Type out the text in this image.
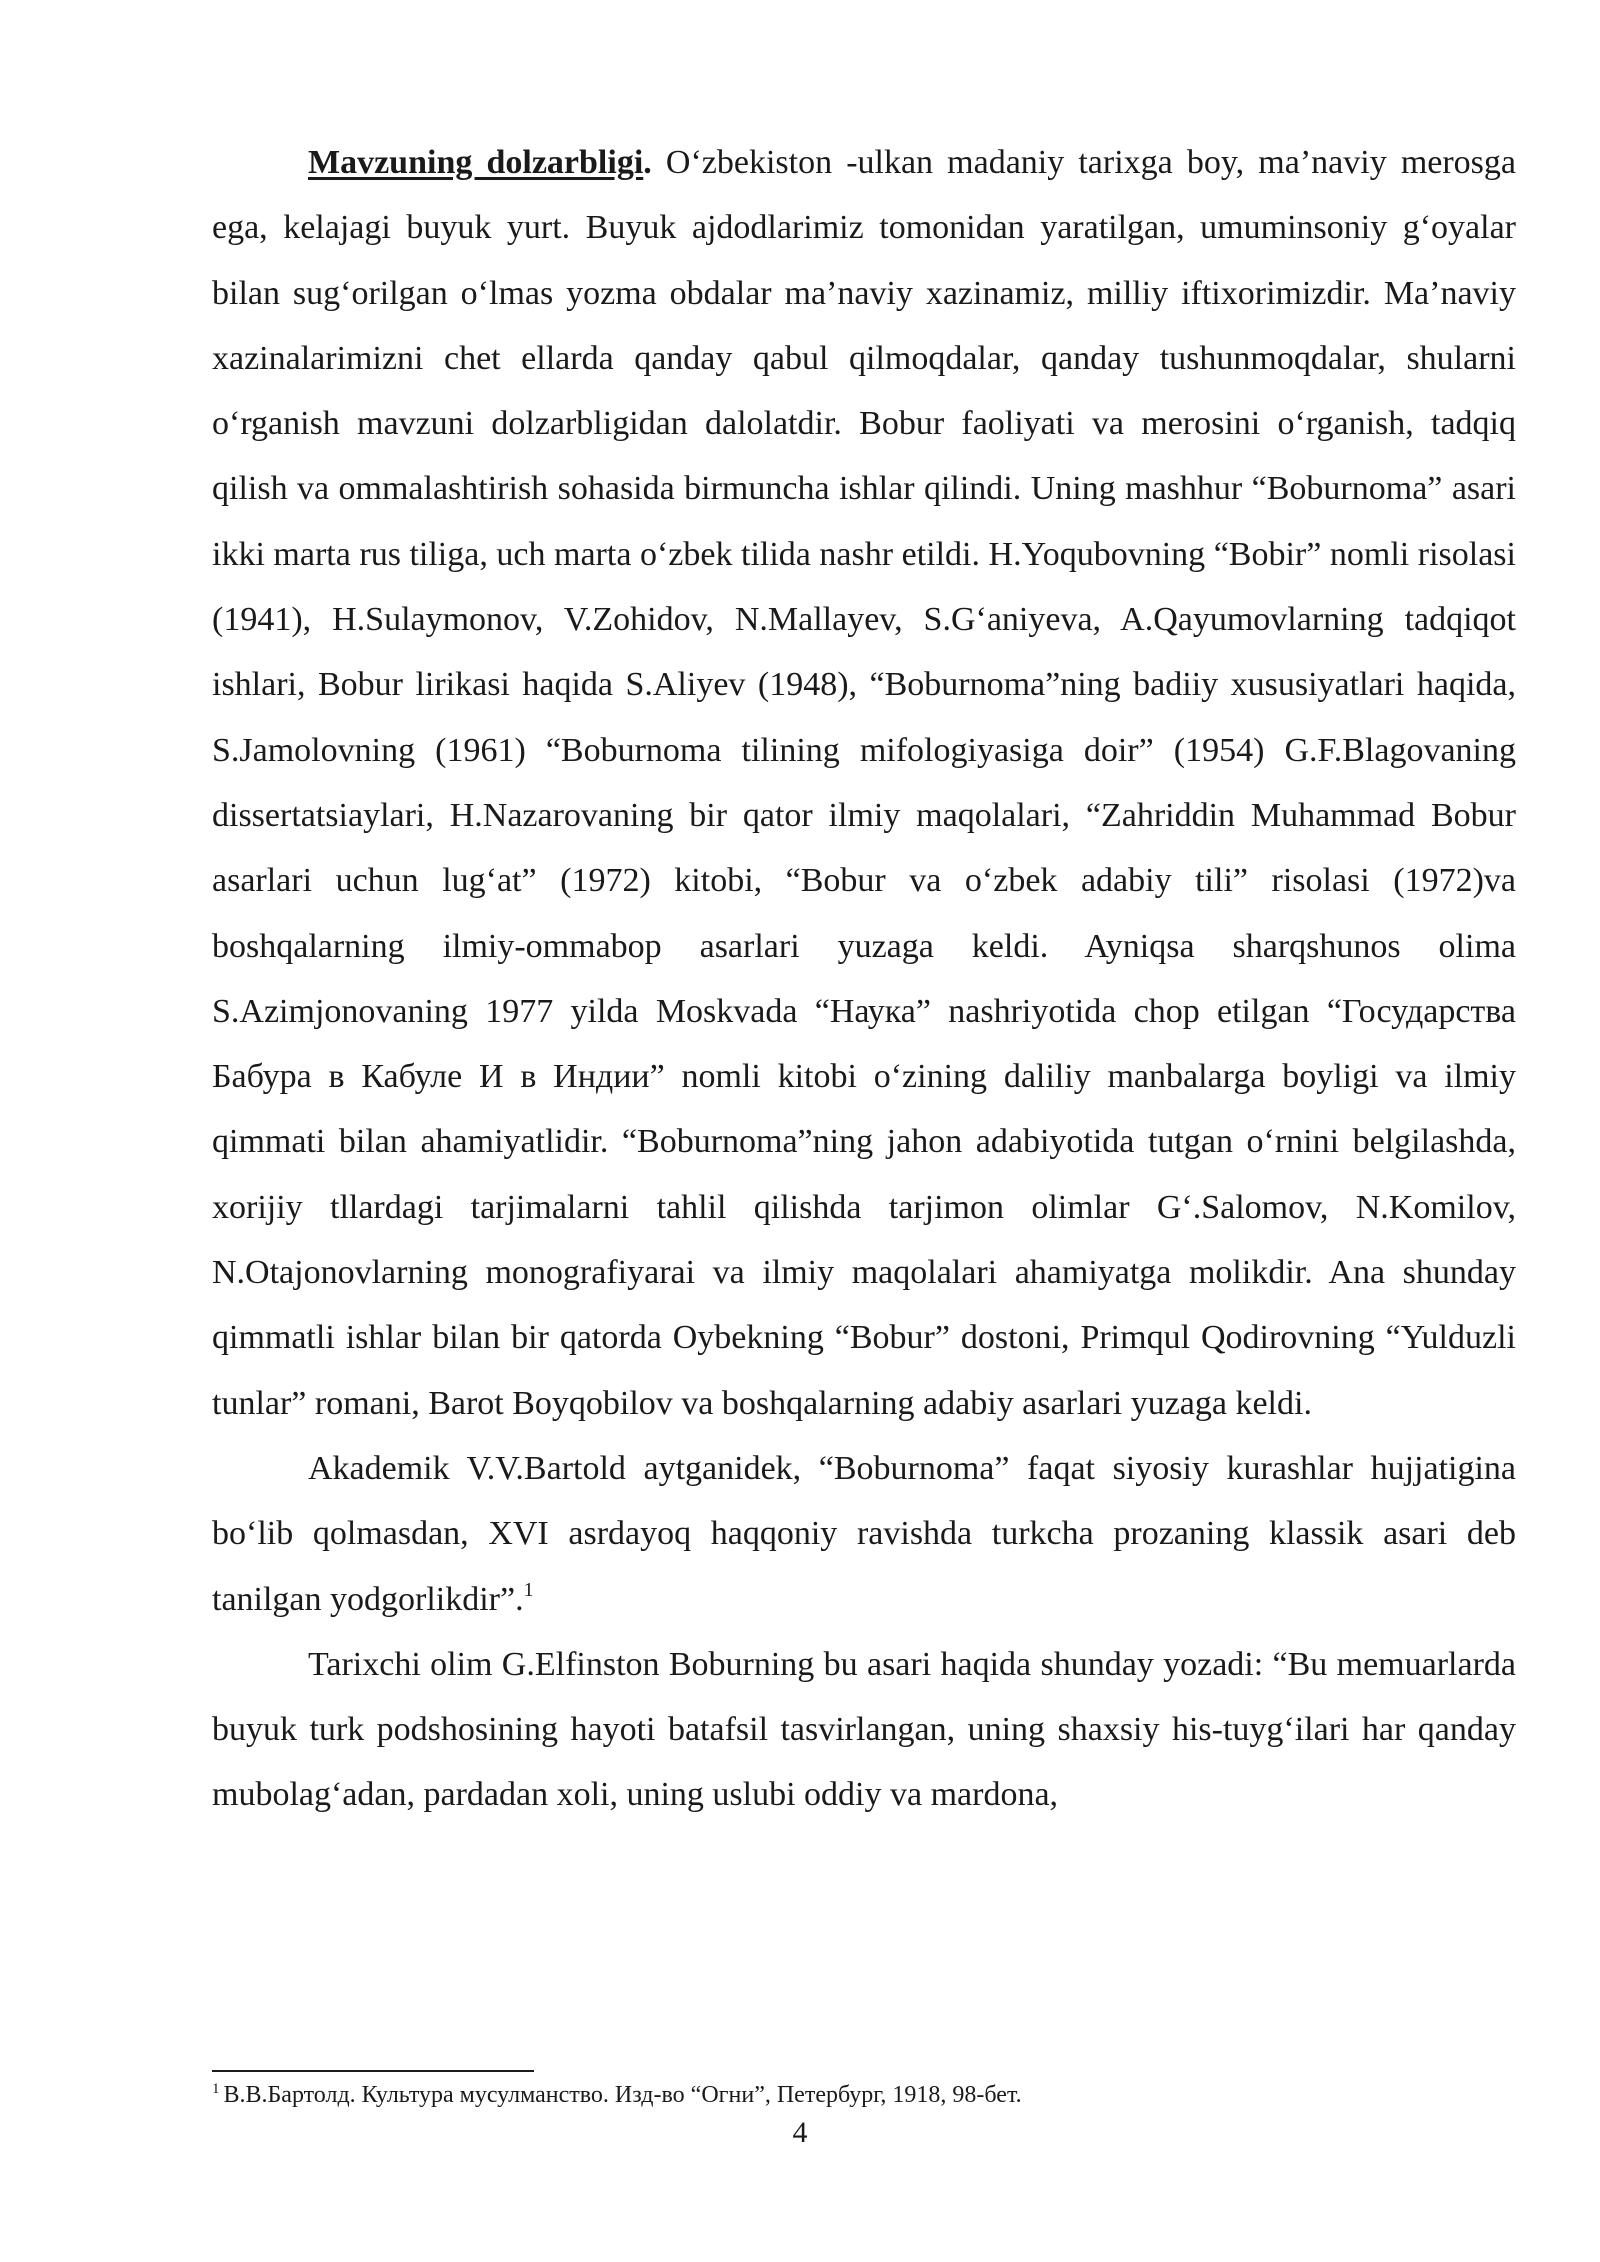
Mavzuning dolzarbligi. O‘zbekiston -ulkan madaniy tarixga boy, ma’naviy merosga ega, kelajagi buyuk yurt. Buyuk ajdodlarimiz tomonidan yaratilgan, umuminsoniy g‘oyalar bilan sug‘orilgan o‘lmas yozma obdalar ma’naviy xazinamiz, milliy iftixorimizdir. Ma’naviy xazinalarimizni chet ellarda qanday qabul qilmoqdalar, qanday tushunmoqdalar, shularni o‘rganish mavzuni dolzarbligidan dalolatdir. Bobur faoliyati va merosini o‘rganish, tadqiq qilish va ommalashtirish sohasida birmuncha ishlar qilindi. Uning mashhur “Boburnoma” asari ikki marta rus tiliga, uch marta o‘zbek tilida nashr etildi. H.Yoqubovning “Bobir” nomli risolasi (1941), H.Sulaymonov, V.Zohidov, N.Mallayev, S.G‘aniyeva, A.Qayumovlarning tadqiqot ishlari, Bobur lirikasi haqida S.Aliyev (1948), “Boburnoma”ning badiiy xususiyatlari haqida, S.Jamolovning (1961) “Boburnoma tilining mifologiyasiga doir” (1954) G.F.Blagovaning dissertatsiaylari, H.Nazarovaning bir qator ilmiy maqolalari, “Zahriddin Muhammad Bobur asarlari uchun lug‘at” (1972) kitobi, “Bobur va o‘zbek adabiy tili” risolasi (1972)va boshqalarning ilmiy-ommabop asarlari yuzaga keldi. Ayniqsa sharqshunos olima S.Azimjonovaning 1977 yilda Moskvada “Наука” nashriyotida chop etilgan “Государства Бабура в Кабуле И в Индии” nomli kitobi o‘zining daliliy manbalarga boyligi va ilmiy qimmati bilan ahamiyatlidir. “Boburnoma”ning jahon adabiyotida tutgan o‘rnini belgilashda, xorijiy tllardagi tarjimalarni tahlil qilishda tarjimon olimlar G‘.Salomov, N.Komilov, N.Otajonovlarning monografiyarai va ilmiy maqolalari ahamiyatga molikdir. Ana shunday qimmatli ishlar bilan bir qatorda Oybekning “Bobur” dostoni, Primqul Qodirovning “Yulduzli tunlar” romani, Barot Boyqobilov va boshqalarning adabiy asarlari yuzaga keldi.

Akademik V.V.Bartold aytganidek, “Boburnoma” faqat siyosiy kurashlar hujjatigina bo‘lib qolmasdan, XVI asrdayoq haqqoniy ravishda turkcha prozaning klassik asari deb tanilgan yodgorlikdir”.$^1$

Tarixchi olim G.Elfinston Boburning bu asari haqida shunday yozadi: “Bu memuarlarda buyuk turk podshosining hayoti batafsil tasvirlangan, uning shaxsiy his-tuyg‘ilari har qanday mubolag‘adan, pardadan xoli, uning uslubi oddiy va mardona,

$^1$ В.В.Бартолд. Культура мусулманство. Изд-во “Огни”, Петербург, 1918, 98-бет.
4
